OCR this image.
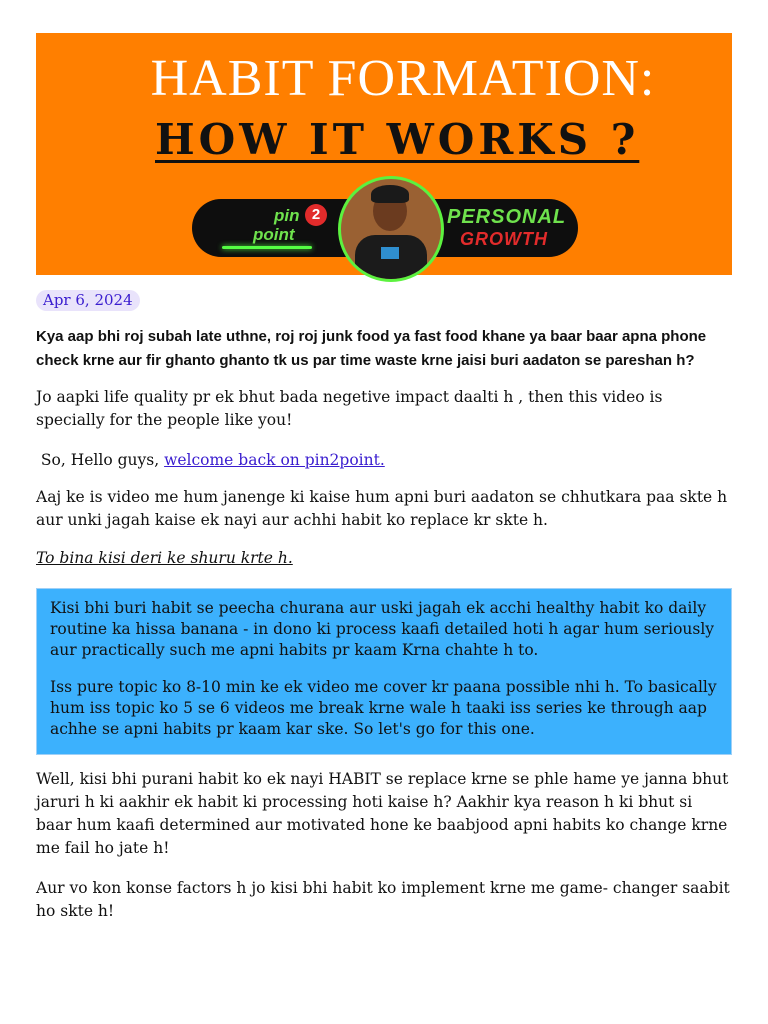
HABIT FORMATION:
HOW IT WORKS ?
pin 2
point
PERSONAL
GROWTH
Apr 6, 2024

Kya aap bhi roj subah late uthne, roj roj junk food ya fast food khane ya baar baar apna phone check krne aur fir ghanto ghanto tk us par time waste krne jaisi buri aadaton se pareshan h?

Jo aapki life quality pr ek bhut bada negetive impact daalti h , then this video is specially for the people like you!

So, Hello guys, welcome back on pin2point.

Aaj ke is video me hum janenge ki kaise hum apni buri aadaton se chhutkara paa skte h aur unki jagah kaise ek nayi aur achhi habit ko replace kr skte h.

To bina kisi deri ke shuru krte h.

Kisi bhi buri habit se peecha churana aur uski jagah ek acchi healthy habit ko daily routine ka hissa banana - in dono ki process kaafi detailed hoti h agar hum seriously aur practically such me apni habits pr kaam Krna chahte h to.

Iss pure topic ko 8-10 min ke ek video me cover kr paana possible nhi h. To basically hum iss topic ko 5 se 6 videos me break krne wale h taaki iss series ke through aap achhe se apni habits pr kaam kar ske. So let's go for this one.

Well, kisi bhi purani habit ko ek nayi HABIT se replace krne se phle hame ye janna bhut jaruri h ki aakhir ek habit ki processing hoti kaise h? Aakhir kya reason h ki bhut si baar hum kaafi determined aur motivated hone ke baabjood apni habits ko change krne me fail ho jate h!

Aur vo kon konse factors h jo kisi bhi habit ko implement krne me game- changer saabit ho skte h!
